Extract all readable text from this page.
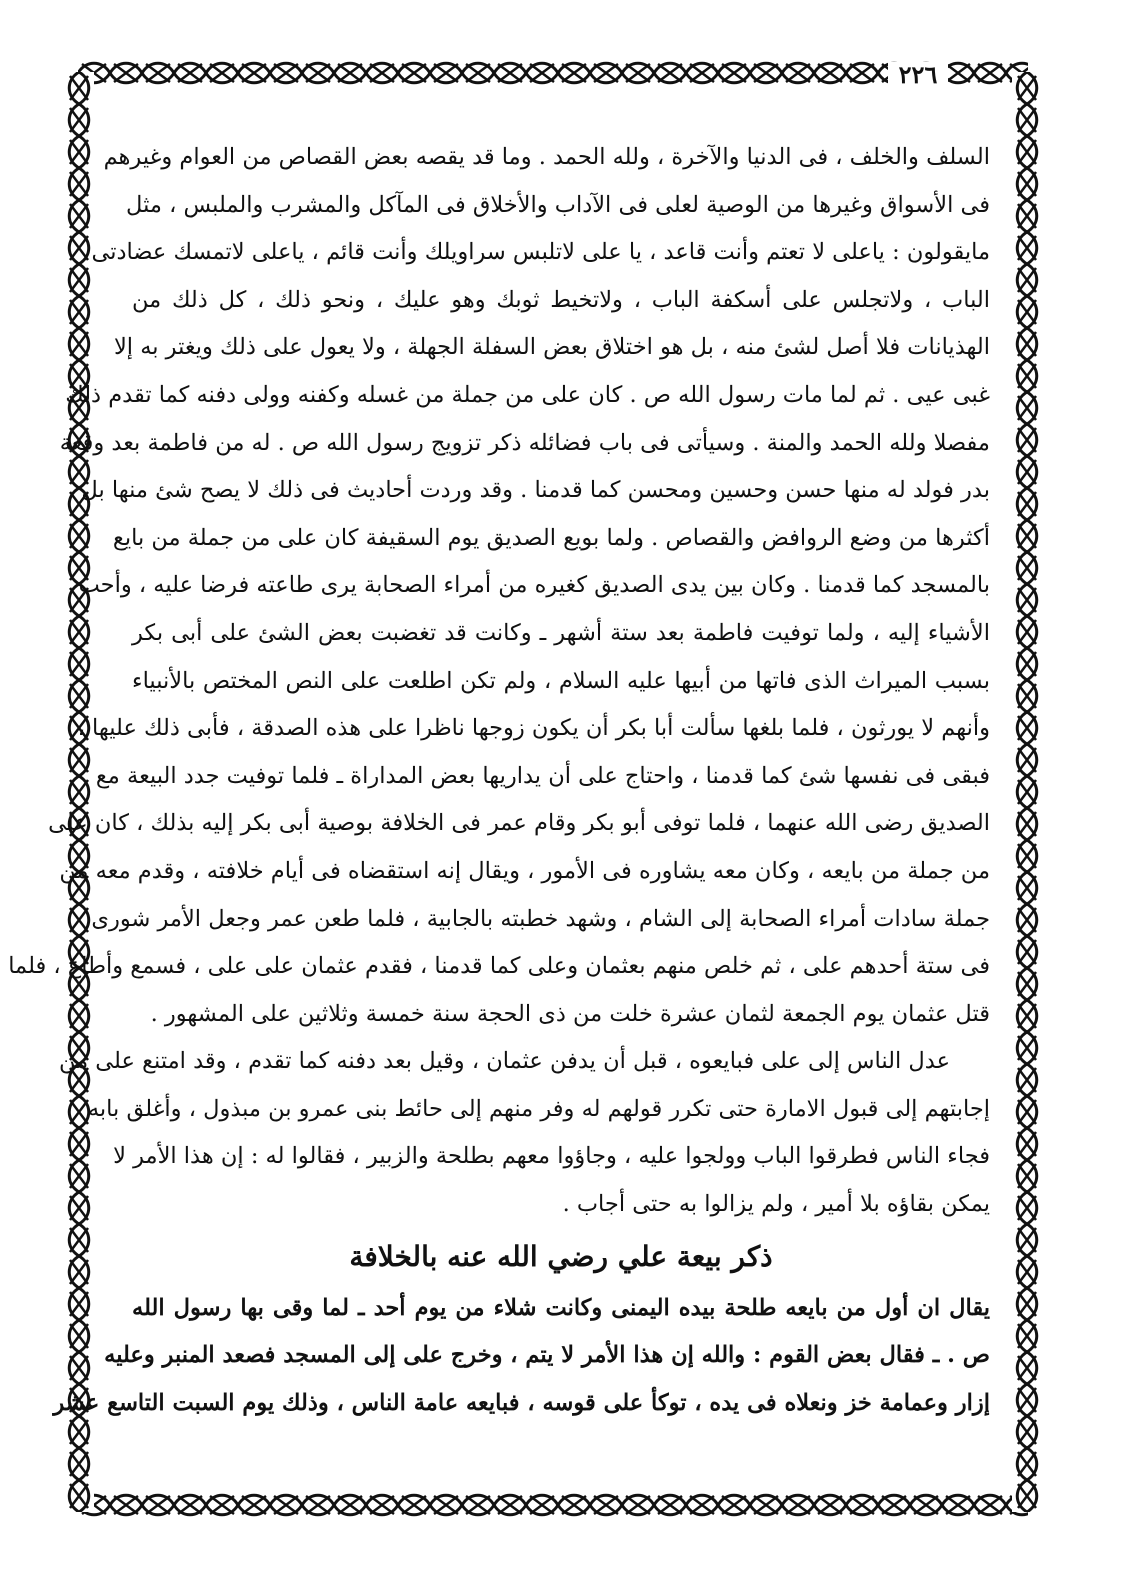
٢٢٦
السلف والخلف ، فى الدنيا والآخرة ، ولله الحمد . وما قد يقصه بعض القصاص من العوام وغيرهم
فى الأسواق وغيرها من الوصية لعلى فى الآداب والأخلاق فى المآكل والمشرب والملبس ، مثل
مايقولون : ياعلى لا تعتم وأنت قاعد ، يا على لاتلبس سراويلك وأنت قائم ، ياعلى لاتمسك عضادتى
الباب ، ولاتجلس على أسكفة الباب ، ولاتخيط ثوبك وهو عليك ، ونحو ذلك ، كل ذلك من
الهذيانات فلا أصل لشئ منه ، بل هو اختلاق بعض السفلة الجهلة ، ولا يعول على ذلك ويغتر به إلا
غبى عيى . ثم لما مات رسول الله ص . كان على من جملة من غسله وكفنه وولى دفنه كما تقدم ذلك
مفصلا ولله الحمد والمنة . وسيأتى فى باب فضائله ذكر تزويج رسول الله ص . له من فاطمة بعد وقعة
بدر فولد له منها حسن وحسين ومحسن كما قدمنا . وقد وردت أحاديث فى ذلك لا يصح شئ منها بل
أكثرها من وضع الروافض والقصاص . ولما بويع الصديق يوم السقيفة كان على من جملة من بايع
بالمسجد كما قدمنا . وكان بين يدى الصديق كغيره من أمراء الصحابة يرى طاعته فرضا عليه ، وأحب
الأشياء إليه ، ولما توفيت فاطمة بعد ستة أشهر ـ وكانت قد تغضبت بعض الشئ على أبى بكر
بسبب الميراث الذى فاتها من أبيها عليه السلام ، ولم تكن اطلعت على النص المختص بالأنبياء
وأنهم لا يورثون ، فلما بلغها سألت أبا بكر أن يكون زوجها ناظرا على هذه الصدقة ، فأبى ذلك عليها ،
فبقى فى نفسها شئ كما قدمنا ، واحتاج على أن يداريها بعض المداراة ـ فلما توفيت جدد البيعة مع
الصديق رضى الله عنهما ، فلما توفى أبو بكر وقام عمر فى الخلافة بوصية أبى بكر إليه بذلك ، كان على
من جملة من بايعه ، وكان معه يشاوره فى الأمور ، ويقال إنه استقضاه فى أيام خلافته ، وقدم معه من
جملة سادات أمراء الصحابة إلى الشام ، وشهد خطبته بالجابية ، فلما طعن عمر وجعل الأمر شورى
فى ستة أحدهم على ، ثم خلص منهم بعثمان وعلى كما قدمنا ، فقدم عثمان على على ، فسمع وأطاع ، فلما
قتل عثمان يوم الجمعة لثمان عشرة خلت من ذى الحجة سنة خمسة وثلاثين على المشهور .
عدل الناس إلى على فبايعوه ، قبل أن يدفن عثمان ، وقيل بعد دفنه كما تقدم ، وقد امتنع على من
إجابتهم إلى قبول الامارة حتى تكرر قولهم له وفر منهم إلى حائط بنى عمرو بن مبذول ، وأغلق بابه
فجاء الناس فطرقوا الباب وولجوا عليه ، وجاؤوا معهم بطلحة والزبير ، فقالوا له : إن هذا الأمر لا
يمكن بقاؤه بلا أمير ، ولم يزالوا به حتى أجاب .
ذكر بيعة علي رضي الله عنه بالخلافة
يقال ان أول من بايعه طلحة بيده اليمنى وكانت شلاء من يوم أحد ـ لما وقى بها رسول الله
ص . ـ فقال بعض القوم : والله إن هذا الأمر لا يتم ، وخرج على إلى المسجد فصعد المنبر وعليه
إزار وعمامة خز ونعلاه فى يده ، توكأ على قوسه ، فبايعه عامة الناس ، وذلك يوم السبت التاسع عشر
